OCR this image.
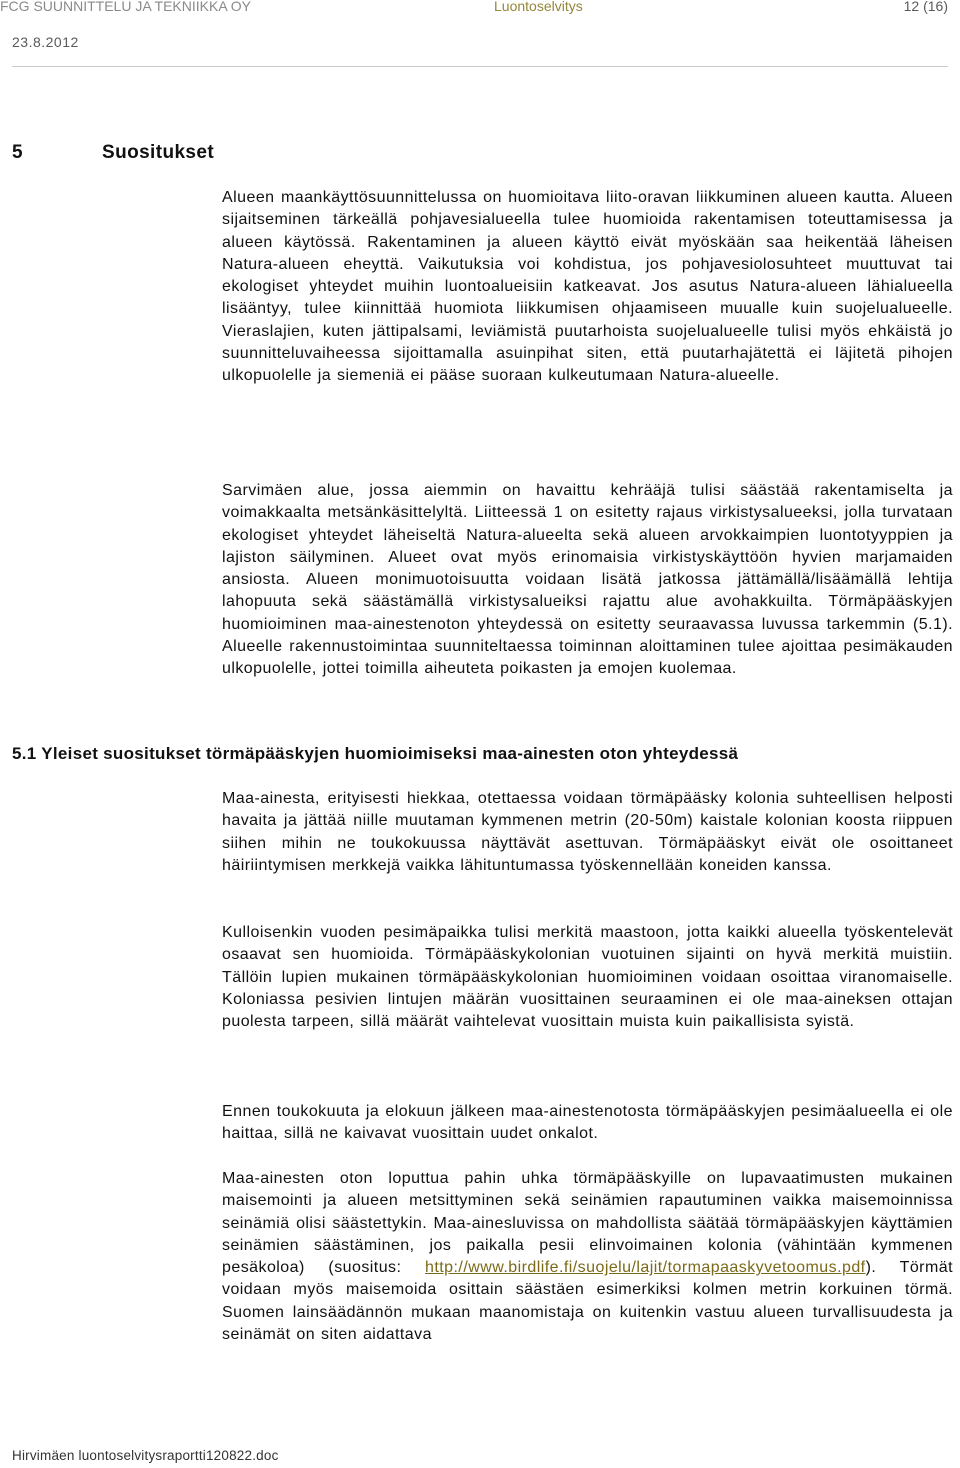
FCG SUUNNITTELU JA TEKNIIKKA OY	Luontoselvitys	12 (16)
23.8.2012
5	Suositukset
Alueen maankäyttösuunnittelussa on huomioitava liito-oravan liikkuminen alueen kautta. Alueen sijaitseminen tärkeällä pohjavesialueella tulee huomioida rakentamisen toteuttamisessa ja alueen käytössä. Rakentaminen ja alueen käyttö eivät myöskään saa heikentää läheisen Natura-alueen eheyttä. Vaikutuksia voi kohdistua, jos pohjavesiolosuhteet muuttuvat tai ekologiset yhteydet muihin luontoalueisiin katkeavat. Jos asutus Natura-alueen lähialueella lisääntyy, tulee kiinnittää huomiota liikkumisen ohjaamiseen muualle kuin suojelualueelle. Vieraslajien, kuten jättipalsami, leviämistä puutarhoista suojelualueelle tulisi myös ehkäistä jo suunnitteluvaiheessa sijoittamalla asuinpihat siten, että puutarhajätettä ei läjitetä pihojen ulkopuolelle ja siemeniä ei pääse suoraan kulkeutumaan Natura-alueelle.
Sarvimäen alue, jossa aiemmin on havaittu kehrääjä tulisi säästää rakentamiselta ja voimakkaalta metsänkäsittelyltä. Liitteessä 1 on esitetty rajaus virkistysalueeksi, jolla turvataan ekologiset yhteydet läheiseltä Natura-alueelta sekä alueen arvokkaimpien luontotyyppien ja lajiston säilyminen. Alueet ovat myös erinomaisia virkistyskäyttöön hyvien marjamaiden ansiosta. Alueen monimuotoisuutta voidaan lisätä jatkossa jättämällä/lisäämällä lehtija lahopuuta sekä säästämällä virkistysalueiksi rajattu alue avohakkuilta. Törmäpääskyjen huomioiminen maa-ainestenoton yhteydessä on esitetty seuraavassa luvussa tarkemmin (5.1). Alueelle rakennustoimintaa suunniteltaessa toiminnan aloittaminen tulee ajoittaa pesimäkauden ulkopuolelle, jottei toimilla aiheuteta poikasten ja emojen kuolemaa.
5.1 Yleiset suositukset törmäpääskyjen huomioimiseksi maa-ainesten oton yhteydessä
Maa-ainesta, erityisesti hiekkaa, otettaessa voidaan törmäpääsky kolonia suhteellisen helposti havaita ja jättää niille muutaman kymmenen metrin (20-50m) kaistale kolonian koosta riippuen siihen mihin ne toukokuussa näyttävät asettuvan. Törmäpääskyt eivät ole osoittaneet häiriintymisen merkkejä vaikka lähituntumassa työskennellään koneiden kanssa.
Kulloisenkin vuoden pesimäpaikka tulisi merkitä maastoon, jotta kaikki alueella työskentelevät osaavat sen huomioida. Törmäpääskykolonian vuotuinen sijainti on hyvä merkitä muistiin. Tällöin lupien mukainen törmäpääskykolonian huomioiminen voidaan osoittaa viranomaiselle. Koloniassa pesivien lintujen määrän vuosittainen seuraaminen ei ole maa-aineksen ottajan puolesta tarpeen, sillä määrät vaihtelevat vuosittain muista kuin paikallisista syistä.
Ennen toukokuuta ja elokuun jälkeen maa-ainestenotosta törmäpääskyjen pesimäalueella ei ole haittaa, sillä ne kaivavat vuosittain uudet onkalot.
Maa-ainesten oton loputtua pahin uhka törmäpääskyille on lupavaatimusten mukainen maisemointi ja alueen metsittyminen sekä seinämien rapautuminen vaikka maisemoinnissa seinämiä olisi säästettykin. Maa-ainesluvissa on mahdollista säätää törmäpääskyjen käyttämien seinämien säästäminen, jos paikalla pesii elinvoimainen kolonia (vähintään kymmenen pesäkoloa) (suositus: http://www.birdlife.fi/suojelu/lajit/tormapaaskyvetoomus.pdf). Törmät voidaan myös maisemoida osittain säästäen esimerkiksi kolmen metrin korkuinen törmä. Suomen lainsäädännön mukaan maanomistaja on kuitenkin vastuu alueen turvallisuudesta ja seinämät on siten aidattava
Hirvimäen luontoselvitysraportti120822.doc
